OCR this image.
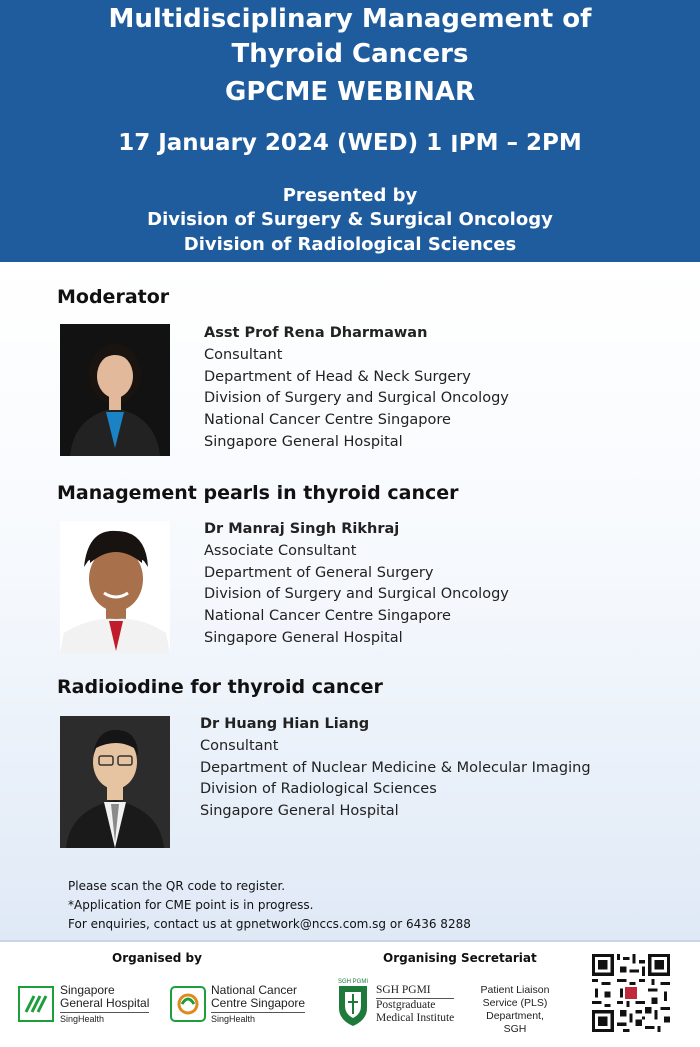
Multidisciplinary Management of
Thyroid Cancers
GPCME WEBINAR
17 January 2024 (WED) ׀ 1PM – 2PM
Presented by
Division of Surgery & Surgical Oncology
Division of Radiological Sciences
Moderator
Asst Prof Rena Dharmawan
Consultant
Department of Head & Neck Surgery
Division of Surgery and Surgical Oncology
National Cancer Centre Singapore
Singapore General Hospital
Management pearls in thyroid cancer
Dr Manraj Singh Rikhraj
Associate Consultant
Department of General Surgery
Division of Surgery and Surgical Oncology
National Cancer Centre Singapore
Singapore General Hospital
Radioiodine for thyroid cancer
Dr Huang Hian Liang
Consultant
Department of Nuclear Medicine & Molecular Imaging
Division of Radiological Sciences
Singapore General Hospital
Please scan the QR code to register.
*Application for CME point is in progress.
For enquiries, contact us at gpnetwork@nccs.com.sg or 6436 8288
Organised by	Organising Secretariat
Singapore
General Hospital
SingHealth
National Cancer
Centre Singapore
SingHealth
SGH PGMI
SGH PGMI
Postgraduate
Medical Institute
Patient Liaison
Service (PLS)
Department, SGH
